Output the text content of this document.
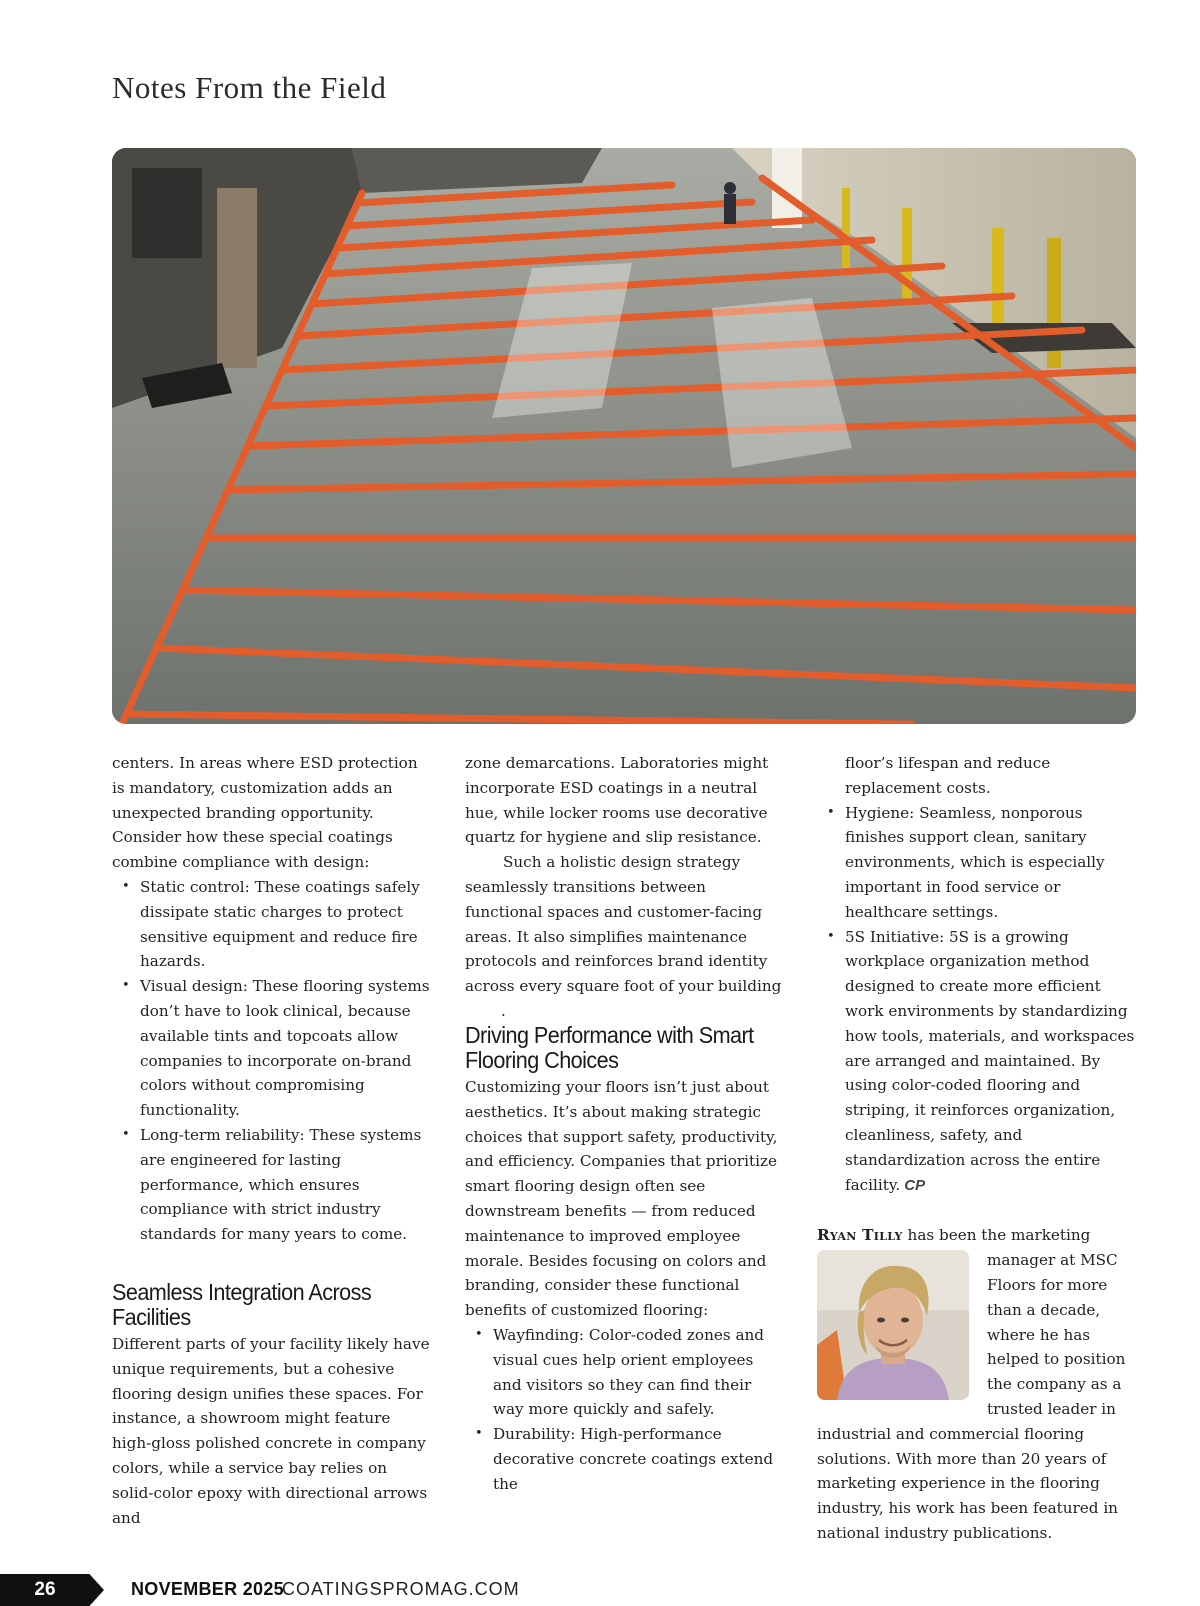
Notes From the Field

centers. In areas where ESD protection is mandatory, customization adds an unexpected branding opportunity. Consider how these special coatings combine compliance with design:

• Static control: These coatings safely dissipate static charges to protect sensitive equipment and reduce fire hazards.
• Visual design: These flooring systems don’t have to look clinical, because available tints and topcoats allow companies to incorporate on-brand colors without compromising functionality.
• Long-term reliability: These systems are engineered for lasting performance, which ensures compliance with strict industry standards for many years to come.
Seamless Integration Across Facilities

Different parts of your facility likely have unique requirements, but a cohesive flooring design unifies these spaces. For instance, a showroom might feature high-gloss polished concrete in company colors, while a service bay relies on solid-color epoxy with directional arrows and

zone demarcations. Laboratories might incorporate ESD coatings in a neutral hue, while locker rooms use decorative quartz for hygiene and slip resistance.

Such a holistic design strategy seamlessly transitions between functional spaces and customer-facing areas. It also simplifies maintenance protocols and reinforces brand identity across every square foot of your building

.
Driving Performance with Smart Flooring Choices

Customizing your floors isn’t just about aesthetics. It’s about making strategic choices that support safety, productivity, and efficiency. Companies that prioritize smart flooring design often see downstream benefits — from reduced maintenance to improved employee morale. Besides focusing on colors and branding, consider these functional benefits of customized flooring:

• Wayfinding: Color-coded zones and visual cues help orient employees and visitors so they can find their way more quickly and safely.
• Durability: High-performance decorative concrete coatings extend the

floor’s lifespan and reduce replacement costs.

• Hygiene: Seamless, nonporous finishes support clean, sanitary environments, which is especially important in food service or healthcare settings.
• 5S Initiative: 5S is a growing workplace organization method designed to create more efficient work environments by standardizing how tools, materials, and workspaces are arranged and maintained. By using color-coded flooring and striping, it reinforces organization, cleanliness, safety, and standardization across the entire facility. CP

Ryan Tilly has been the marketing

manager at MSC Floors for more than a decade, where he has helped to position the company as a trusted leader in

industrial and commercial flooring solutions. With more than 20 years of marketing experience in the flooring industry, his work has been featured in national industry publications.

26	NOVEMBER 2025
COATINGSPROMAG.COM
